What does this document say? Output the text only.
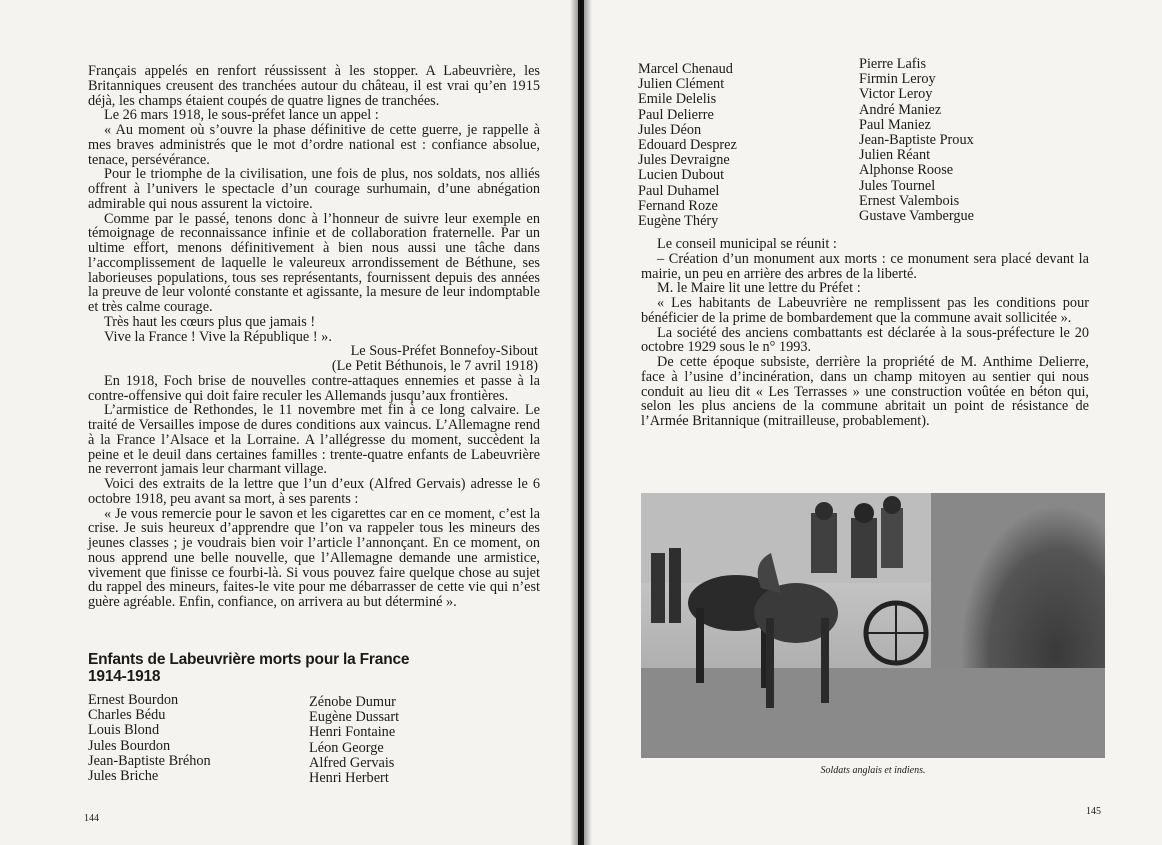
Français appelés en renfort réussissent à les stopper. A Labeuvrière, les Britanniques creusent des tranchées autour du château, il est vrai qu’en 1915 déjà, les champs étaient coupés de quatre lignes de tranchées.

Le 26 mars 1918, le sous-préfet lance un appel :

« Au moment où s’ouvre la phase définitive de cette guerre, je rappelle à mes braves administrés que le mot d’ordre national est : confiance absolue, tenace, persévérance.

Pour le triomphe de la civilisation, une fois de plus, nos soldats, nos alliés offrent à l’univers le spectacle d’un courage surhumain, d’une abnégation admirable qui nous assurent la victoire.

Comme par le passé, tenons donc à l’honneur de suivre leur exemple en témoignage de reconnaissance infinie et de collaboration fraternelle. Par un ultime effort, menons définitivement à bien nous aussi une tâche dans l’accomplissement de laquelle le valeureux arrondissement de Béthune, ses laborieuses populations, tous ses représentants, fournissent depuis des années la preuve de leur volonté constante et agissante, la mesure de leur indomptable et très calme courage.

Très haut les cœurs plus que jamais !

Vive la France ! Vive la République ! ».

Le Sous-Préfet Bonnefoy-Sibout

(Le Petit Béthunois, le 7 avril 1918)

En 1918, Foch brise de nouvelles contre-attaques ennemies et passe à la contre-offensive qui doit faire reculer les Allemands jusqu’aux frontières.

L’armistice de Rethondes, le 11 novembre met fin à ce long calvaire. Le traité de Versailles impose de dures conditions aux vaincus. L’Allemagne rend à la France l’Alsace et la Lorraine. A l’allégresse du moment, succèdent la peine et le deuil dans certaines familles : trente-quatre enfants de Labeuvrière ne reverront jamais leur charmant village.

Voici des extraits de la lettre que l’un d’eux (Alfred Gervais) adresse le 6 octobre 1918, peu avant sa mort, à ses parents :

« Je vous remercie pour le savon et les cigarettes car en ce moment, c’est la crise. Je suis heureux d’apprendre que l’on va rappeler tous les mineurs des jeunes classes ; je voudrais bien voir l’article l’annonçant. En ce moment, on nous apprend une belle nouvelle, que l’Allemagne demande une armistice, vivement que finisse ce fourbi-là. Si vous pouvez faire quelque chose au sujet du rappel des mineurs, faites-le vite pour me débarrasser de cette vie qui n’est guère agréable. Enfin, confiance, on arrivera au but déterminé ».

Enfants de Labeuvrière morts pour la France
1914-1918
Ernest Bourdon
Charles Bédu
Louis Blond
Jules Bourdon
Jean-Baptiste Bréhon
Jules Briche
Zénobe Dumur
Eugène Dussart
Henri Fontaine
Léon George
Alfred Gervais
Henri Herbert
144
Marcel Chenaud
Julien Clément
Emile Delelis
Paul Delierre
Jules Déon
Edouard Desprez
Jules Devraigne
Lucien Dubout
Paul Duhamel
Fernand Roze
Eugène Théry
Pierre Lafis
Firmin Leroy
Victor Leroy
André Maniez
Paul Maniez
Jean-Baptiste Proux
Julien Réant
Alphonse Roose
Jules Tournel
Ernest Valembois
Gustave Vambergue

Le conseil municipal se réunit :

– Création d’un monument aux morts : ce monument sera placé devant la mairie, un peu en arrière des arbres de la liberté.

M. le Maire lit une lettre du Préfet :

« Les habitants de Labeuvrière ne remplissent pas les conditions pour bénéficier de la prime de bombardement que la commune avait sollicitée ».

La société des anciens combattants est déclarée à la sous-préfecture le 20 octobre 1929 sous le n° 1993.

De cette époque subsiste, derrière la propriété de M. Anthime Delierre, face à l’usine d’incinération, dans un champ mitoyen au sentier qui nous conduit au lieu dit « Les Terrasses » une construction voûtée en béton qui, selon les plus anciens de la commune abritait un point de résistance de l’Armée Britannique (mitrailleuse, probablement).

Soldats anglais et indiens.
145
